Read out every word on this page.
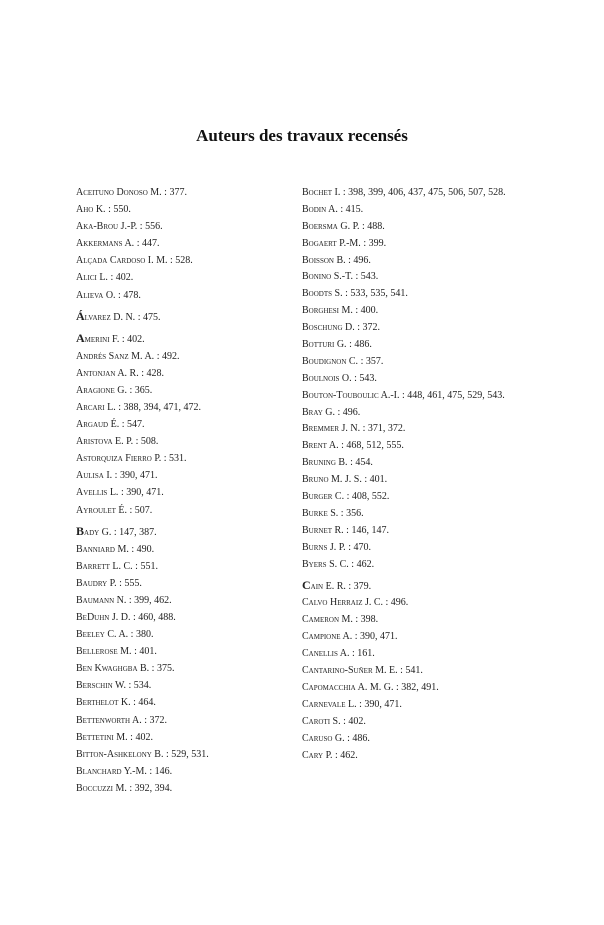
Auteurs des travaux recensés
Aceituno Donoso M. : 377.
Aho K. : 550.
Aka-Brou J.-P. : 556.
Akkermans A. : 447.
Alçada Cardoso I. M. : 528.
Alici L. : 402.
Alieva O. : 478.
Álvarez D. N. : 475.
Amerini F. : 402.
Andrés Sanz M. A. : 492.
Antonjan A. R. : 428.
Aragione G. : 365.
Arcari L. : 388, 394, 471, 472.
Argaud É. : 547.
Aristova E. P. : 508.
Astorquiza Fierro P. : 531.
Aulisa I. : 390, 471.
Avellis L. : 390, 471.
Ayroulet É. : 507.
Bady G. : 147, 387.
Banniard M. : 490.
Barrett L. C. : 551.
Baudry P. : 555.
Baumann N. : 399, 462.
BeDuhn J. D. : 460, 488.
Beeley C. A. : 380.
Bellerose M. : 401.
Ben Kwaghgba B. : 375.
Berschin W. : 534.
Berthelot K. : 464.
Bettenworth A. : 372.
Bettetini M. : 402.
Bitton-Ashkelony B. : 529, 531.
Blanchard Y.-M. : 146.
Boccuzzi M. : 392, 394.
Bochet I. : 398, 399, 406, 437, 475, 506, 507, 528.
Bodin A. : 415.
Boersma G. P. : 488.
Bogaert P.-M. : 399.
Boisson B. : 496.
Bonino S.-T. : 543.
Boodts S. : 533, 535, 541.
Borghesi M. : 400.
Boschung D. : 372.
Botturi G. : 486.
Boudignon C. : 357.
Boulnois O. : 543.
Bouton-Touboulic A.-I. : 448, 461, 475, 529, 543.
Bray G. : 496.
Bremmer J. N. : 371, 372.
Brent A. : 468, 512, 555.
Bruning B. : 454.
Bruno M. J. S. : 401.
Burger C. : 408, 552.
Burke S. : 356.
Burnet R. : 146, 147.
Burns J. P. : 470.
Byers S. C. : 462.
Cain E. R. : 379.
Calvo Herraiz J. C. : 496.
Cameron M. : 398.
Campione A. : 390, 471.
Canellis A. : 161.
Cantarino-Suñer M. E. : 541.
Capomacchia A. M. G. : 382, 491.
Carnevale L. : 390, 471.
Caroti S. : 402.
Caruso G. : 486.
Cary P. : 462.
